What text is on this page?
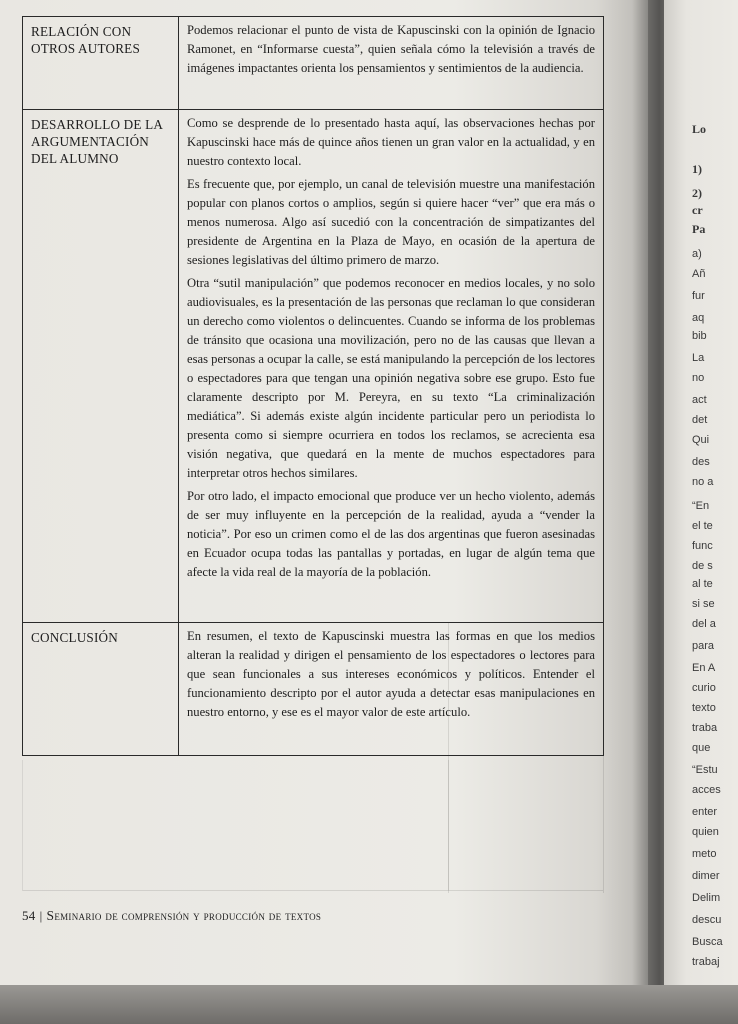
RELACIÓN CON
OTROS AUTORES

Podemos relacionar el punto de vista de Kapuscinski con la opinión de Ignacio Ramonet, en “Informarse cuesta”, quien señala cómo la televisión a través de imágenes impactantes orienta los pensamientos y sentimientos de la audiencia.

DESARROLLO DE LA
ARGUMENTACIÓN
DEL ALUMNO

Como se desprende de lo presentado hasta aquí, las observaciones hechas por Kapuscinski hace más de quince años tienen un gran valor en la actualidad, y en nuestro contexto local.

Es frecuente que, por ejemplo, un canal de televisión muestre una manifestación popular con planos cortos o amplios, según si quiere hacer “ver” que era más o menos numerosa. Algo así sucedió con la concentración de simpatizantes del presidente de Argentina en la Plaza de Mayo, en ocasión de la apertura de sesiones legislativas del último primero de marzo.

Otra “sutil manipulación” que podemos reconocer en medios locales, y no solo audiovisuales, es la presentación de las personas que reclaman lo que consideran un derecho como violentos o delincuentes. Cuando se informa de los problemas de tránsito que ocasiona una movilización, pero no de las causas que llevan a esas personas a ocupar la calle, se está manipulando la percepción de los lectores o espectadores para que tengan una opinión negativa sobre ese grupo. Esto fue claramente descripto por M. Pereyra, en su texto “La criminalización mediática”. Si además existe algún incidente particular pero un periodista lo presenta como si siempre ocurriera en todos los reclamos, se acrecienta esa visión negativa, que quedará en la mente de muchos espectadores para interpretar otros hechos similares.

Por otro lado, el impacto emocional que produce ver un hecho violento, además de ser muy influyente en la percepción de la realidad, ayuda a “vender la noticia”. Por eso un crimen como el de las dos argentinas que fueron asesinadas en Ecuador ocupa todas las pantallas y portadas, en lugar de algún tema que afecte la vida real de la mayoría de la población.

CONCLUSIÓN	En resumen, el texto de Kapuscinski muestra las formas en que los medios alteran la realidad y dirigen el pensamiento de los espectadores o lectores para que sean funcionales a sus intereses económicos y políticos. Entender el funcionamiento descripto por el autor ayuda a detectar esas manipulaciones en nuestro entorno, y ese es el mayor valor de este artículo.

54 | Seminario de comprensión y producción de textos
Lo
1)
2)
cr
Pa
a)
Añ
fur
aq
bib
La
no
act
det
Qui
des
no a
“En
el te
func
de s
al te
si se
del a
para
En A
curio
texto
traba
que
“Estu
acces
enter
quien
meto
dimer
Delim
descu
Busca
trabaj
